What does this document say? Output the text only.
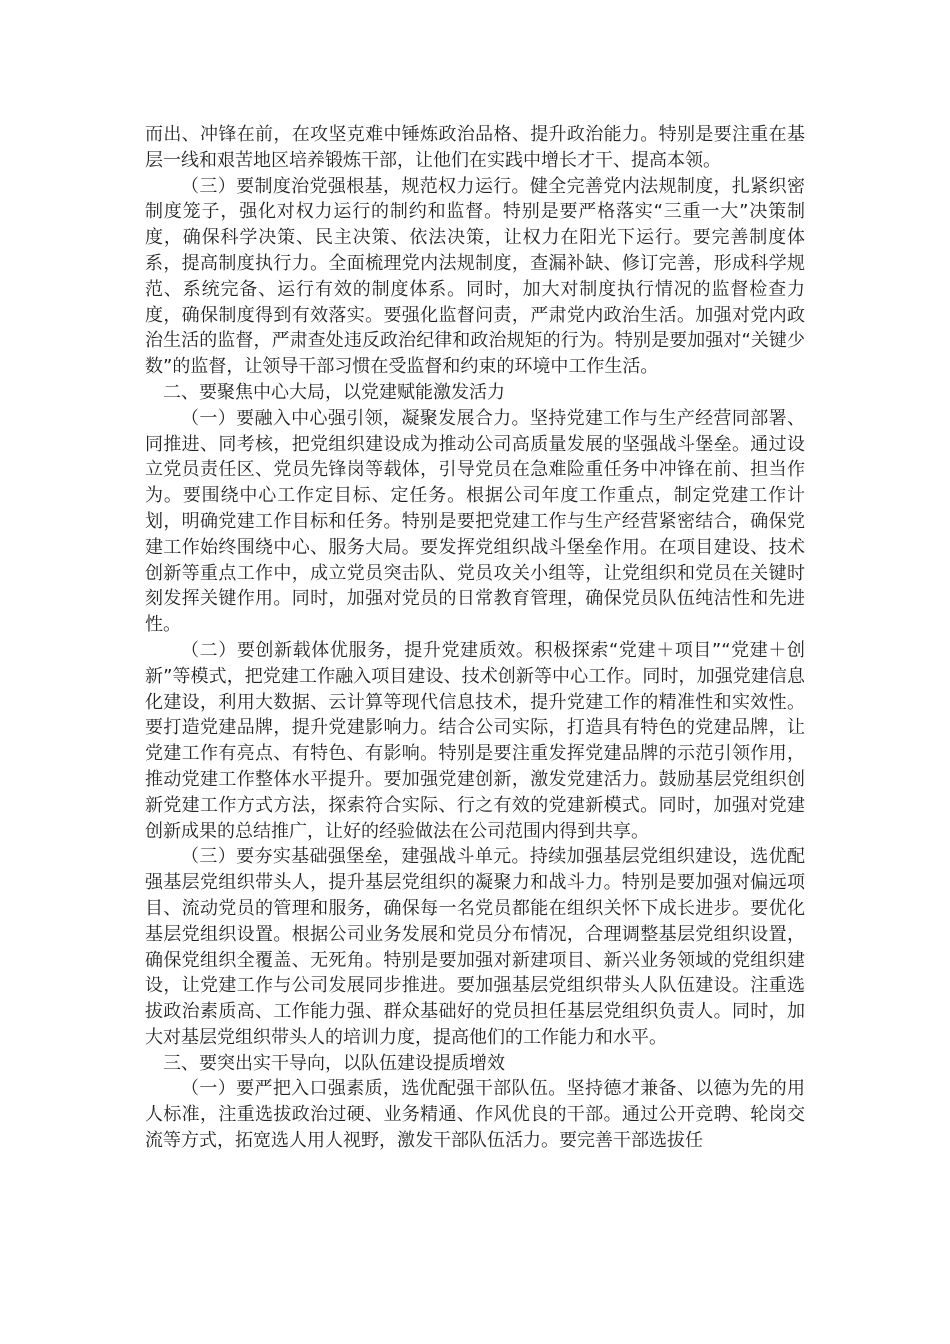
而出、冲锋在前，在攻坚克难中锤炼政治品格、提升政治能力。特别是要注重在基层一线和艰苦地区培养锻炼干部，让他们在实践中增长才干、提高本领。

（三）要制度治党强根基，规范权力运行。健全完善党内法规制度，扎紧织密制度笼子，强化对权力运行的制约和监督。特别是要严格落实“三重一大”决策制度，确保科学决策、民主决策、依法决策，让权力在阳光下运行。要完善制度体系，提高制度执行力。全面梳理党内法规制度，查漏补缺、修订完善，形成科学规范、系统完备、运行有效的制度体系。同时，加大对制度执行情况的监督检查力度，确保制度得到有效落实。要强化监督问责，严肃党内政治生活。加强对党内政治生活的监督，严肃查处违反政治纪律和政治规矩的行为。特别是要加强对“关键少数”的监督，让领导干部习惯在受监督和约束的环境中工作生活。

二、要聚焦中心大局，以党建赋能激发活力

（一）要融入中心强引领，凝聚发展合力。坚持党建工作与生产经营同部署、同推进、同考核，把党组织建设成为推动公司高质量发展的坚强战斗堡垒。通过设立党员责任区、党员先锋岗等载体，引导党员在急难险重任务中冲锋在前、担当作为。要围绕中心工作定目标、定任务。根据公司年度工作重点，制定党建工作计划，明确党建工作目标和任务。特别是要把党建工作与生产经营紧密结合，确保党建工作始终围绕中心、服务大局。要发挥党组织战斗堡垒作用。在项目建设、技术创新等重点工作中，成立党员突击队、党员攻关小组等，让党组织和党员在关键时刻发挥关键作用。同时，加强对党员的日常教育管理，确保党员队伍纯洁性和先进性。

（二）要创新载体优服务，提升党建质效。积极探索“党建＋项目”“党建＋创新”等模式，把党建工作融入项目建设、技术创新等中心工作。同时，加强党建信息化建设，利用大数据、云计算等现代信息技术，提升党建工作的精准性和实效性。要打造党建品牌，提升党建影响力。结合公司实际，打造具有特色的党建品牌，让党建工作有亮点、有特色、有影响。特别是要注重发挥党建品牌的示范引领作用，推动党建工作整体水平提升。要加强党建创新，激发党建活力。鼓励基层党组织创新党建工作方式方法，探索符合实际、行之有效的党建新模式。同时，加强对党建创新成果的总结推广，让好的经验做法在公司范围内得到共享。

（三）要夯实基础强堡垒，建强战斗单元。持续加强基层党组织建设，选优配强基层党组织带头人，提升基层党组织的凝聚力和战斗力。特别是要加强对偏远项目、流动党员的管理和服务，确保每一名党员都能在组织关怀下成长进步。要优化基层党组织设置。根据公司业务发展和党员分布情况，合理调整基层党组织设置，确保党组织全覆盖、无死角。特别是要加强对新建项目、新兴业务领域的党组织建设，让党建工作与公司发展同步推进。要加强基层党组织带头人队伍建设。注重选拔政治素质高、工作能力强、群众基础好的党员担任基层党组织负责人。同时，加大对基层党组织带头人的培训力度，提高他们的工作能力和水平。

三、要突出实干导向，以队伍建设提质增效

（一）要严把入口强素质，选优配强干部队伍。坚持德才兼备、以德为先的用人标准，注重选拔政治过硬、业务精通、作风优良的干部。通过公开竞聘、轮岗交流等方式，拓宽选人用人视野，激发干部队伍活力。要完善干部选拔任
